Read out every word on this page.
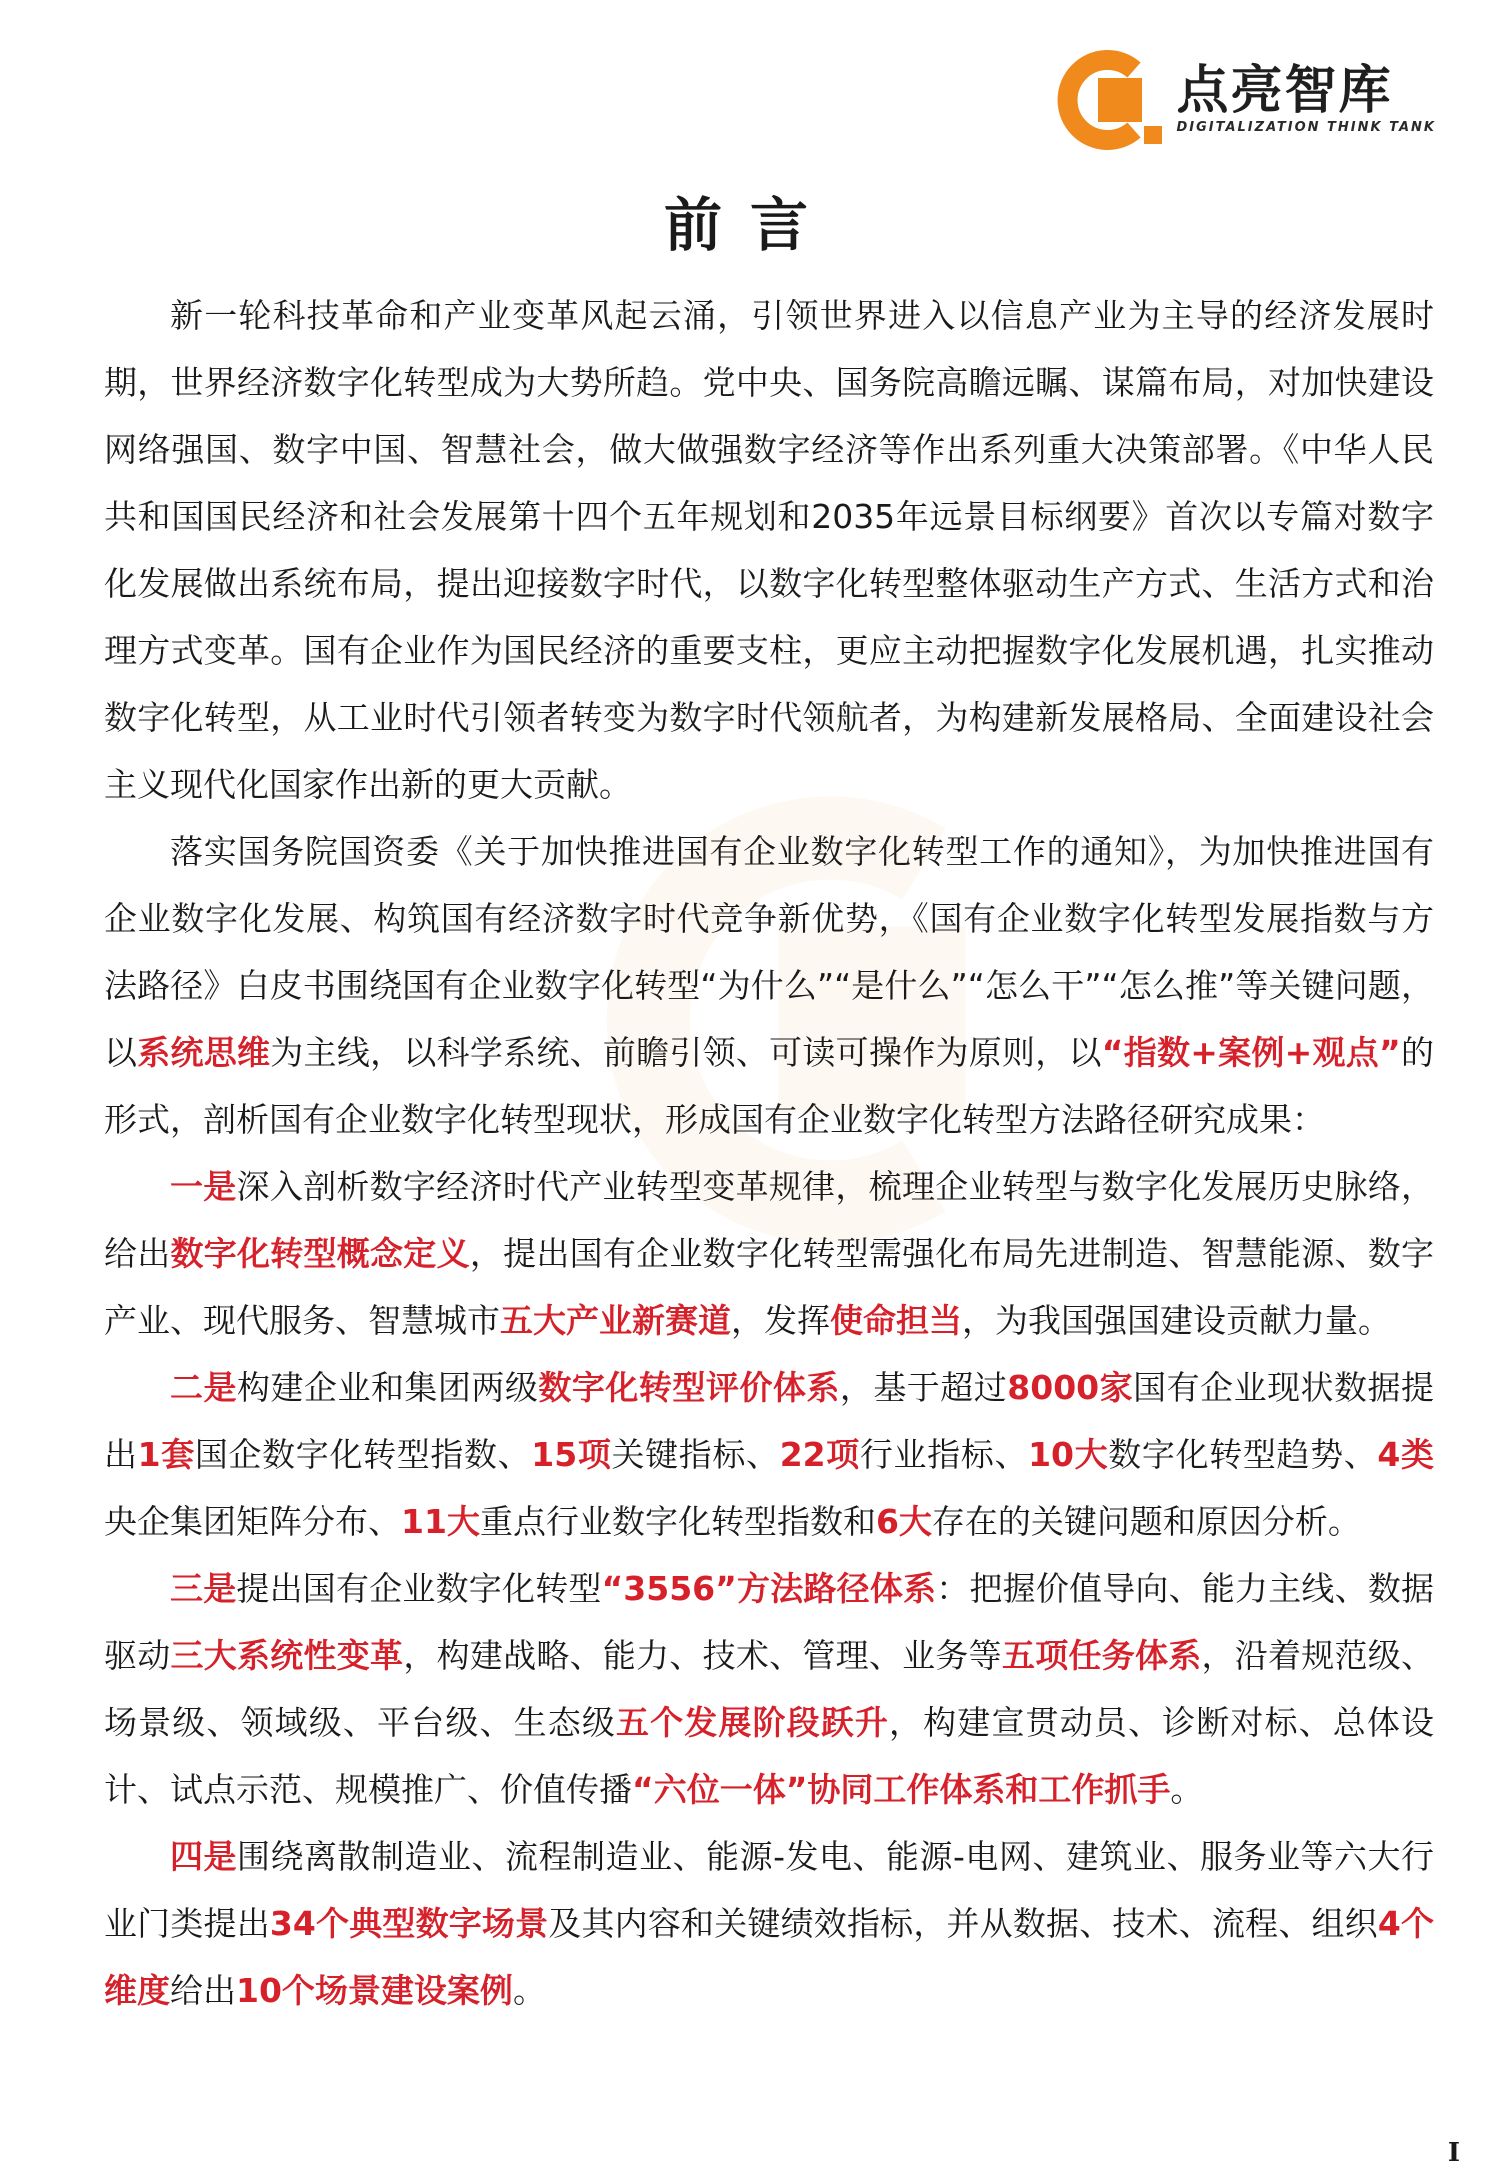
点亮智库
DIGITALIZATION THINK TANK
前言

新一轮科技革命和产业变革风起云涌，引领世界进入以信息产业为主导的经济发展时期，世界经济数字化转型成为大势所趋。党中央、国务院高瞻远瞩、谋篇布局，对加快建设网络强国、数字中国、智慧社会，做大做强数字经济等作出系列重大决策部署。《中华人民共和国国民经济和社会发展第十四个五年规划和2035年远景目标纲要》首次以专篇对数字化发展做出系统布局，提出迎接数字时代，以数字化转型整体驱动生产方式、生活方式和治理方式变革。国有企业作为国民经济的重要支柱，更应主动把握数字化发展机遇，扎实推动数字化转型，从工业时代引领者转变为数字时代领航者，为构建新发展格局、全面建设社会主义现代化国家作出新的更大贡献。

落实国务院国资委《关于加快推进国有企业数字化转型工作的通知》，为加快推进国有企业数字化发展、构筑国有经济数字时代竞争新优势，《国有企业数字化转型发展指数与方法路径》白皮书围绕国有企业数字化转型“为什么”“是什么”“怎么干”“怎么推”等关键问题，以系统思维为主线，以科学系统、前瞻引领、可读可操作为原则，以“指数+案例+观点”的形式，剖析国有企业数字化转型现状，形成国有企业数字化转型方法路径研究成果：

一是深入剖析数字经济时代产业转型变革规律，梳理企业转型与数字化发展历史脉络，给出数字化转型概念定义，提出国有企业数字化转型需强化布局先进制造、智慧能源、数字产业、现代服务、智慧城市五大产业新赛道，发挥使命担当，为我国强国建设贡献力量。

二是构建企业和集团两级数字化转型评价体系，基于超过8000家国有企业现状数据提出1套国企数字化转型指数、15项关键指标、22项行业指标、10大数字化转型趋势、4类央企集团矩阵分布、11大重点行业数字化转型指数和6大存在的关键问题和原因分析。

三是提出国有企业数字化转型“3556”方法路径体系：把握价值导向、能力主线、数据驱动三大系统性变革，构建战略、能力、技术、管理、业务等五项任务体系，沿着规范级、场景级、领域级、平台级、生态级五个发展阶段跃升，构建宣贯动员、诊断对标、总体设计、试点示范、规模推广、价值传播“六位一体”协同工作体系和工作抓手。

四是围绕离散制造业、流程制造业、能源-发电、能源-电网、建筑业、服务业等六大行业门类提出34个典型数字场景及其内容和关键绩效指标，并从数据、技术、流程、组织4个维度给出10个场景建设案例。

I
